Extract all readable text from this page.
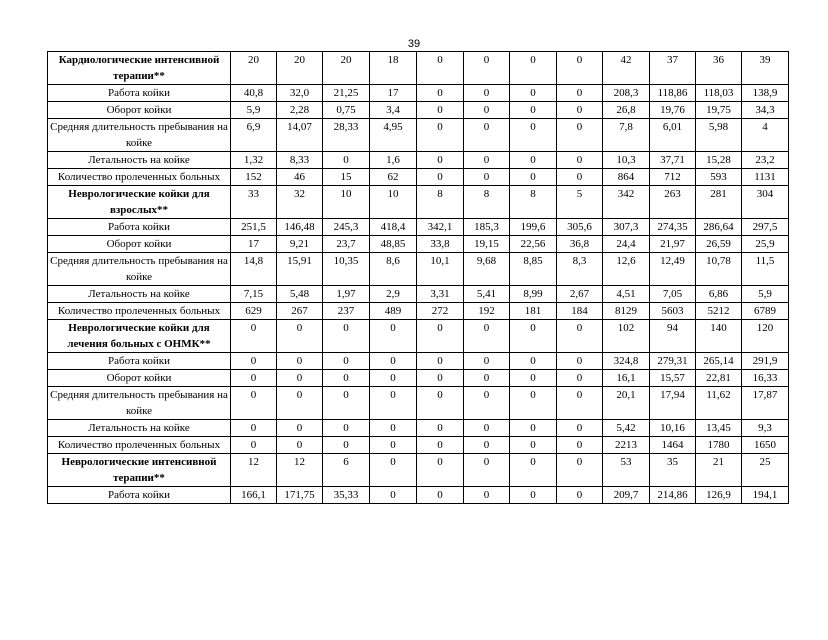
39
Кардиологические интенсивной терапии**	20	20	20	18	0	0	0	0	42	37	36	39
Работа койки	40,8	32,0	21,25	17	0	0	0	0	208,3	118,86	118,03	138,9
Оборот койки	5,9	2,28	0,75	3,4	0	0	0	0	26,8	19,76	19,75	34,3
Средняя длительность пребывания на койке	6,9	14,07	28,33	4,95	0	0	0	0	7,8	6,01	5,98	4
Летальность на койке	1,32	8,33	0	1,6	0	0	0	0	10,3	37,71	15,28	23,2
Количество пролеченных больных	152	46	15	62	0	0	0	0	864	712	593	1131
Неврологические койки для взрослых**	33	32	10	10	8	8	8	5	342	263	281	304
Работа койки	251,5	146,48	245,3	418,4	342,1	185,3	199,6	305,6	307,3	274,35	286,64	297,5
Оборот койки	17	9,21	23,7	48,85	33,8	19,15	22,56	36,8	24,4	21,97	26,59	25,9
Средняя длительность пребывания на койке	14,8	15,91	10,35	8,6	10,1	9,68	8,85	8,3	12,6	12,49	10,78	11,5
Летальность на койке	7,15	5,48	1,97	2,9	3,31	5,41	8,99	2,67	4,51	7,05	6,86	5,9
Количество пролеченных больных	629	267	237	489	272	192	181	184	8129	5603	5212	6789
Неврологические койки для лечения больных с ОНМК**	0	0	0	0	0	0	0	0	102	94	140	120
Работа койки	0	0	0	0	0	0	0	0	324,8	279,31	265,14	291,9
Оборот койки	0	0	0	0	0	0	0	0	16,1	15,57	22,81	16,33
Средняя длительность пребывания на койке	0	0	0	0	0	0	0	0	20,1	17,94	11,62	17,87
Летальность на койке	0	0	0	0	0	0	0	0	5,42	10,16	13,45	9,3
Количество пролеченных больных	0	0	0	0	0	0	0	0	2213	1464	1780	1650
Неврологические интенсивной терапии**	12	12	6	0	0	0	0	0	53	35	21	25
Работа койки	166,1	171,75	35,33	0	0	0	0	0	209,7	214,86	126,9	194,1
